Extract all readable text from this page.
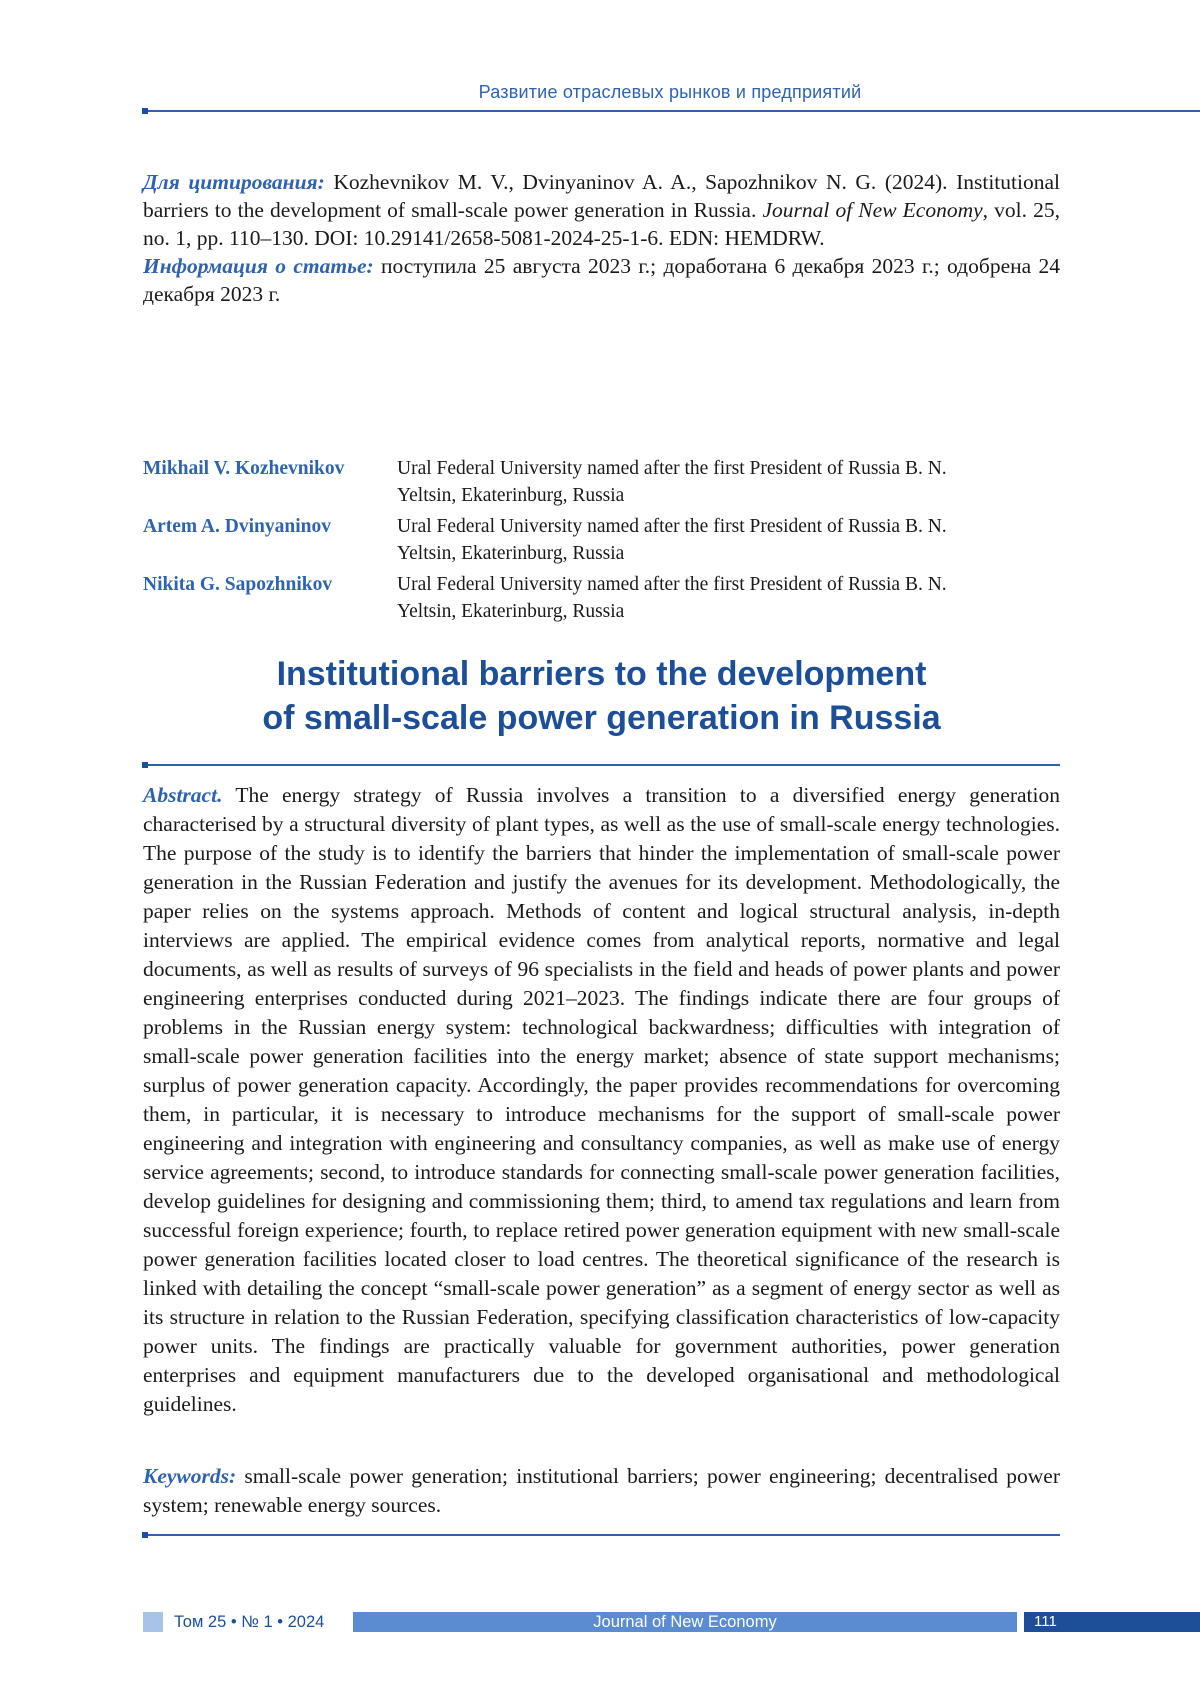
Развитие отраслевых рынков и предприятий
Для цитирования: Kozhevnikov M. V., Dvinyaninov A. A., Sapozhnikov N. G. (2024). Institutional barriers to the development of small-scale power generation in Russia. Journal of New Economy, vol. 25, no. 1, pp. 110–130. DOI: 10.29141/2658-5081-2024-25-1-6. EDN: HEMDRW.
Информация о статье: поступила 25 августа 2023 г.; доработана 6 декабря 2023 г.; одобрена 24 декабря 2023 г.
Mikhail V. Kozhevnikov	Ural Federal University named after the first President of Russia B. N. Yeltsin, Ekaterinburg, Russia
Artem A. Dvinyaninov	Ural Federal University named after the first President of Russia B. N. Yeltsin, Ekaterinburg, Russia
Nikita G. Sapozhnikov	Ural Federal University named after the first President of Russia B. N. Yeltsin, Ekaterinburg, Russia
Institutional barriers to the development
of small-scale power generation in Russia
Abstract. The energy strategy of Russia involves a transition to a diversified energy generation characterised by a structural diversity of plant types, as well as the use of small-scale energy technologies. The purpose of the study is to identify the barriers that hinder the implementation of small-scale power generation in the Russian Federation and justify the avenues for its development. Methodologically, the paper relies on the systems approach. Methods of content and logical structural analysis, in-depth interviews are applied. The empirical evidence comes from analytical reports, normative and legal documents, as well as results of surveys of 96 specialists in the field and heads of power plants and power engineering enterprises conducted during 2021–2023. The findings indicate there are four groups of problems in the Russian energy system: technological backwardness; difficulties with integration of small-scale power generation facilities into the energy market; absence of state support mechanisms; surplus of power generation capacity. Accordingly, the paper provides recommendations for overcoming them, in particular, it is necessary to introduce mechanisms for the support of small-scale power engineering and integration with engineering and consultancy companies, as well as make use of energy service agreements; second, to introduce standards for connecting small-scale power generation facilities, develop guidelines for designing and commissioning them; third, to amend tax regulations and learn from successful foreign experience; fourth, to replace retired power generation equipment with new small-scale power generation facilities located closer to load centres. The theoretical significance of the research is linked with detailing the concept “small-scale power generation” as a segment of energy sector as well as its structure in relation to the Russian Federation, specifying classification characteristics of low-capacity power units. The findings are practically valuable for government authorities, power generation enterprises and equipment manufacturers due to the developed organisational and methodological guidelines.
Keywords: small-scale power generation; institutional barriers; power engineering; decentralised power system; renewable energy sources.
Том 25 • № 1 • 2024	Journal of New Economy	111
